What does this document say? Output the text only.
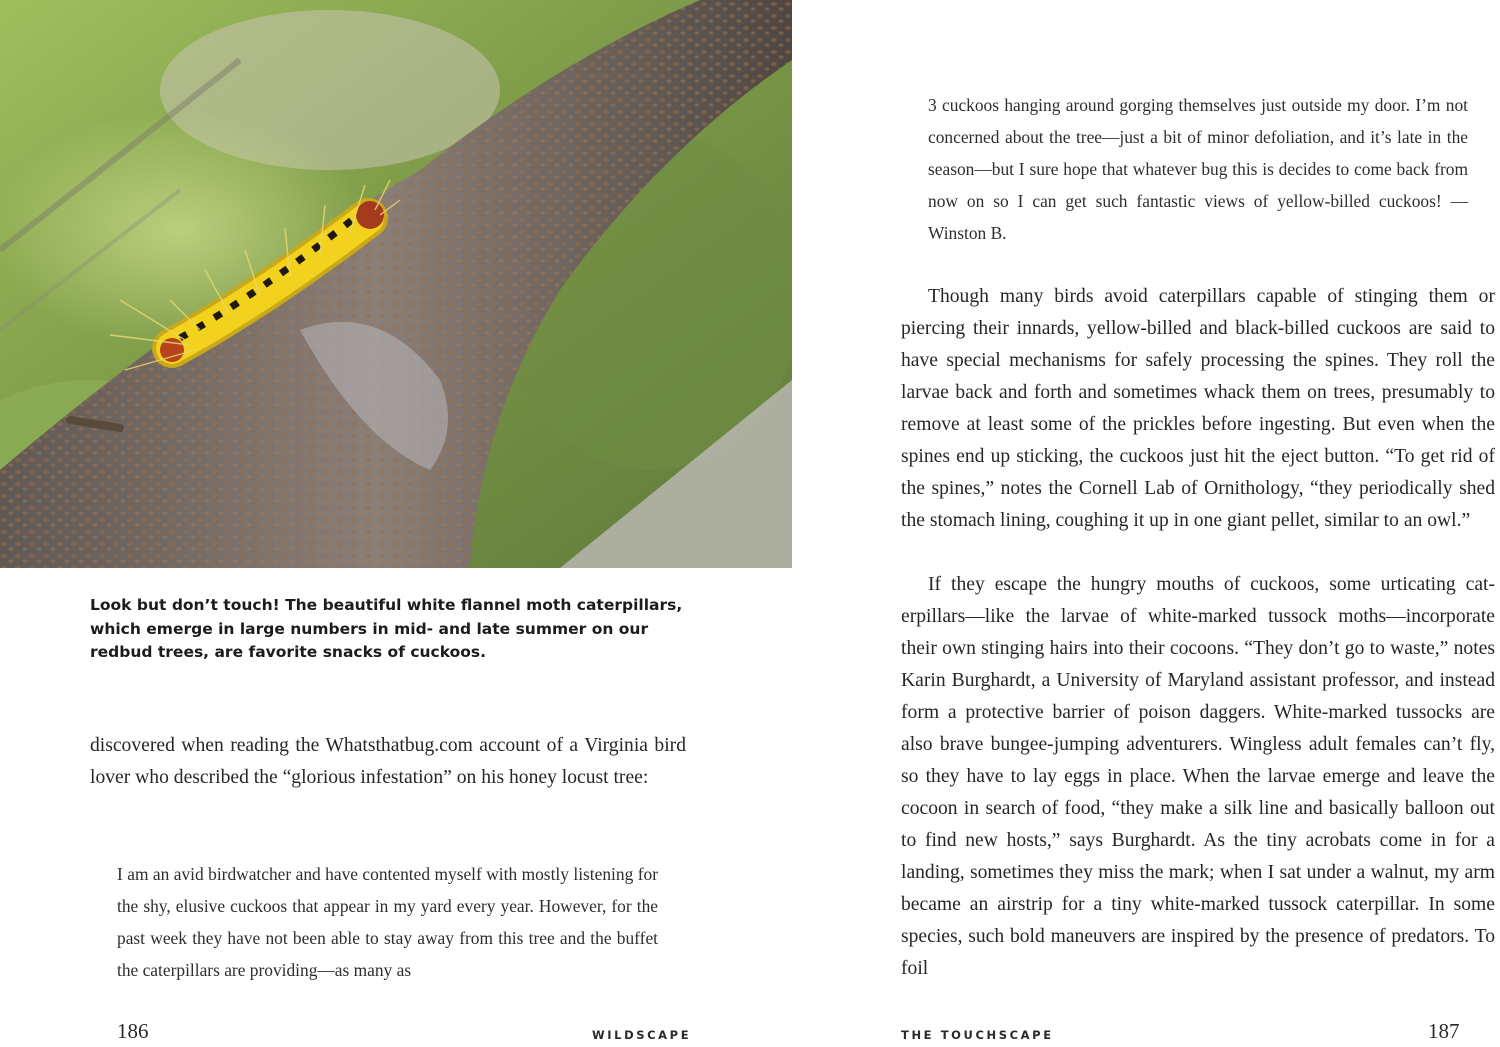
Look but don’t touch! The beautiful white flannel moth caterpillars, which emerge in large numbers in mid- and late summer on our redbud trees, are favorite snacks of cuckoos.

discovered when reading the Whatsthatbug.com account of a Virginia bird lover who described the “glorious infestation” on his honey locust tree:

I am an avid birdwatcher and have contented myself with mostly listening for the shy, elusive cuckoos that appear in my yard every year. However, for the past week they have not been able to stay away from this tree and the buffet the caterpillars are providing—as many as

186	WILDSCAPE

3 cuckoos hanging around gorging themselves just outside my door. I’m not concerned about the tree—just a bit of minor defoliation, and it’s late in the season—but I sure hope that whatever bug this is decides to come back from now on so I can get such fantastic views of yellow-billed cuckoos! —Winston B.

Though many birds avoid caterpillars capable of stinging them or piercing their innards, yellow-billed and black-billed cuckoos are said to have special mechanisms for safely processing the spines. They roll the larvae back and forth and sometimes whack them on trees, presumably to remove at least some of the prickles before ingesting. But even when the spines end up sticking, the cuckoos just hit the eject button. “To get rid of the spines,” notes the Cornell Lab of Ornithology, “they periodically shed the stomach lining, coughing it up in one giant pellet, similar to an owl.”

If they escape the hungry mouths of cuckoos, some urticating caterpillars—like the larvae of white-marked tussock moths—incorporate their own stinging hairs into their cocoons. “They don’t go to waste,” notes Karin Burghardt, a University of Maryland assistant professor, and instead form a protective barrier of poison daggers. White-marked tussocks are also brave bungee-jumping adventurers. Wingless adult females can’t fly, so they have to lay eggs in place. When the larvae emerge and leave the cocoon in search of food, “they make a silk line and basically balloon out to find new hosts,” says Burghardt. As the tiny acrobats come in for a landing, sometimes they miss the mark; when I sat under a walnut, my arm became an airstrip for a tiny white-marked tussock caterpillar. In some species, such bold maneuvers are inspired by the presence of predators. To foil

THE TOUCHSCAPE	187
